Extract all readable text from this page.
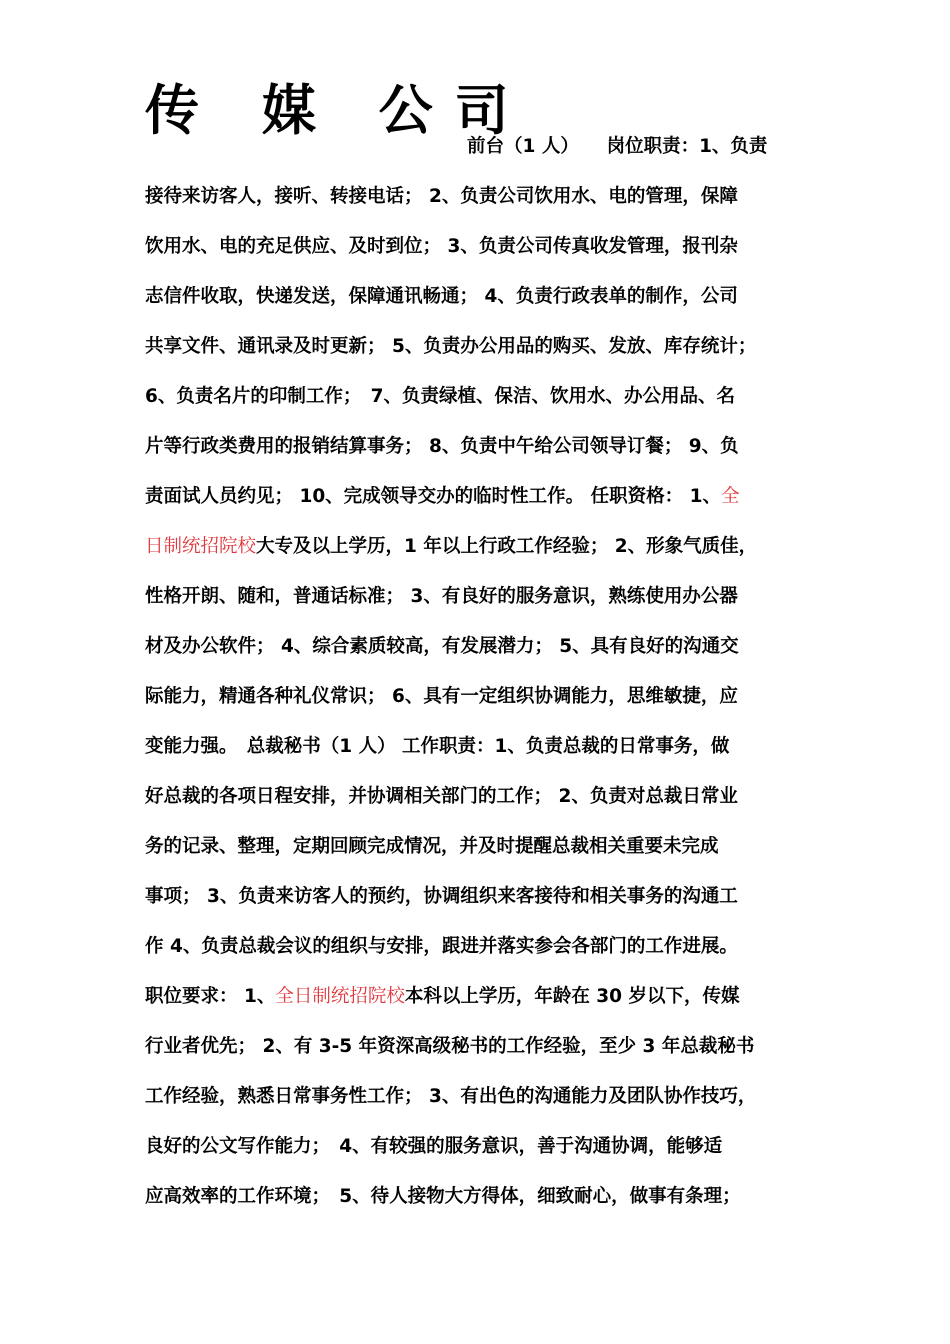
传 媒 公司
前台（1 人）　　岗位职责：1、负责
接待来访客人，接听、转接电话； 2、负责公司饮用水、电的管理，保障
饮用水、电的充足供应、及时到位； 3、负责公司传真收发管理，报刊杂
志信件收取，快递发送，保障通讯畅通； 4、负责行政表单的制作，公司
共享文件、通讯录及时更新； 5、负责办公用品的购买、发放、库存统计；
6、负责名片的印制工作；　7、负责绿植、保洁、饮用水、办公用品、名
片等行政类费用的报销结算事务； 8、负责中午给公司领导订餐； 9、负
责面试人员约见； 10、完成领导交办的临时性工作。 任职资格： 1、全
日制统招院校大专及以上学历，1 年以上行政工作经验； 2、形象气质佳，
性格开朗、随和，普通话标准； 3、有良好的服务意识，熟练使用办公器
材及办公软件； 4、综合素质较高，有发展潜力； 5、具有良好的沟通交
际能力，精通各种礼仪常识； 6、具有一定组织协调能力，思维敏捷，应
变能力强。　总裁秘书（1 人） 工作职责：1、负责总裁的日常事务，做
好总裁的各项日程安排，并协调相关部门的工作； 2、负责对总裁日常业
务的记录、整理，定期回顾完成情况，并及时提醒总裁相关重要未完成
事项； 3、负责来访客人的预约，协调组织来客接待和相关事务的沟通工
作 4、负责总裁会议的组织与安排，跟进并落实参会各部门的工作进展。
职位要求： 1、全日制统招院校本科以上学历，年龄在 30 岁以下，传媒
行业者优先； 2、有 3-5 年资深高级秘书的工作经验，至少 3 年总裁秘书
工作经验，熟悉日常事务性工作； 3、有出色的沟通能力及团队协作技巧，
良好的公文写作能力；　4、有较强的服务意识，善于沟通协调，能够适
应高效率的工作环境；　5、待人接物大方得体，细致耐心，做事有条理；
